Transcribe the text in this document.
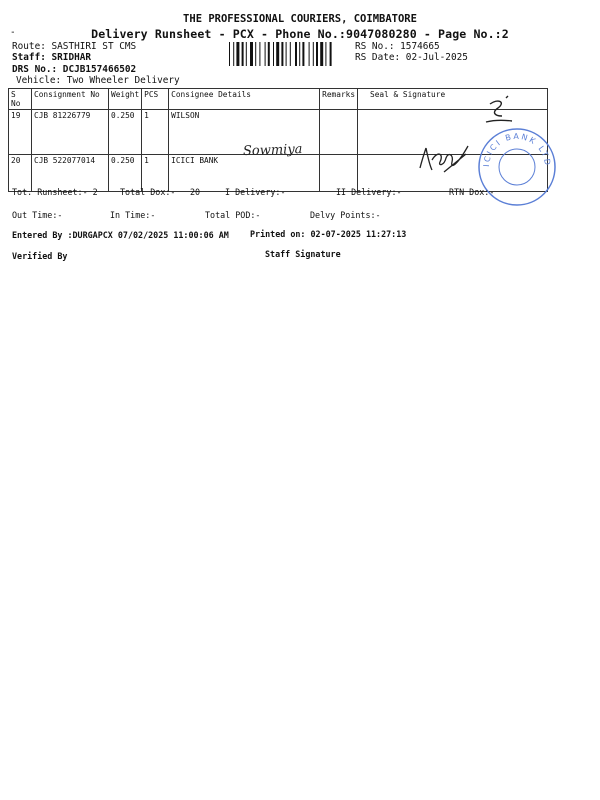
THE PROFESSIONAL COURIERS, COIMBATORE
-	Delivery Runsheet - PCX - Phone No.:9047080280 - Page No.:2
Route: SASTHIRI ST CMS
Staff: SRIDHAR
DRS No.: DCJB157466502
Vehicle: Two Wheeler Delivery
RS No.: 1574665
RS Date: 02-Jul-2025
S No	Consignment No	Weight	PCS	Consignee Details	Remarks	Seal & Signature
19	CJB 81226779	0.250	1	WILSON		
20	CJB 522077014	0.250	1	ICICI BANK		
Sowmiya
ICICI BANK LTD
Tot. Runsheet:- 2	Total Dox:- 20	I Delivery:-	II Delivery:-	RTN Dox:-
Out Time:-	In Time:-	Total POD:-	Delvy Points:-
Entered By :DURGAPCX 07/02/2025 11:00:06 AM	Printed on: 02-07-2025 11:27:13
Verified By	Staff Signature
